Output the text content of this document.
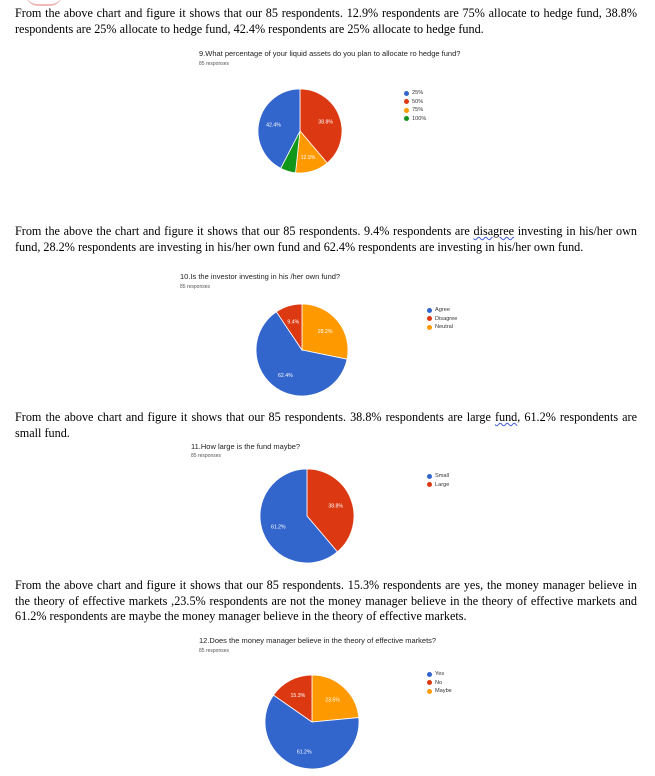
From the above chart and figure it shows that our 85 respondents. 12.9% respondents are 75% allocate to hedge fund, 38.8% respondents are 25% allocate to hedge fund, 42.4% respondents are 25% allocate to hedge fund.

9.What percentage of your liquid assets do you plan to allocate ro hedge fund?
85 responses
38.8%
12.9%
42.4%
25%
50%
75%
100%

From the above the chart and figure it shows that our 85 respondents. 9.4% respondents are disagree investing in his/her own fund, 28.2% respondents are investing in his/her own fund and 62.4% respondents are investing in his/her own fund.

10.Is the investor investing in his /her own fund?
85 responses
28.2%
62.4%
9.4%
Agree
Disagree
Neutral

From the above chart and figure it shows that our 85 respondents. 38.8% respondents are large fund, 61.2% respondents are small fund.

11.How large is the fund maybe?
85 responses
38.8%
61.2%
Small
Large

From the above chart and figure it shows that our 85 respondents. 15.3% respondents are yes, the money manager believe in the theory of effective markets ,23.5% respondents are not the money manager believe in the theory of effective markets and 61.2% respondents are maybe the money manager believe in the theory of effective markets.

12.Does the money manager believe in the theory of effective markets?
85 responses
23.5%
61.2%
15.3%
Yes
No
Maybe
